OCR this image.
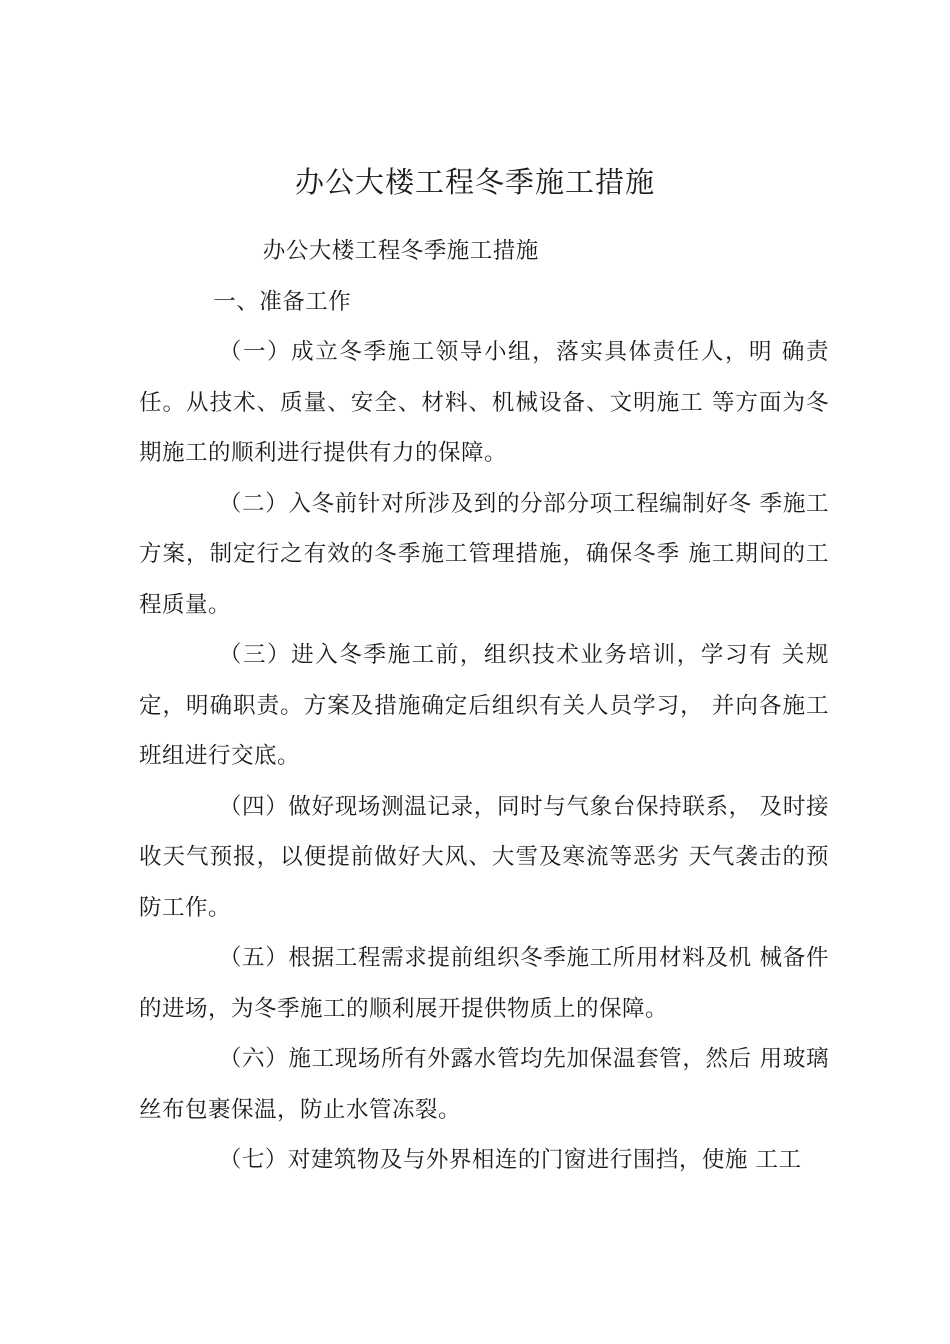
办公大楼工程冬季施工措施

办公大楼工程冬季施工措施

一、准备工作

（一）成立冬季施工领导小组，落实具体责任人，明 确责任。从技术、质量、安全、材料、机械设备、文明施工 等方面为冬期施工的顺利进行提供有力的保障。

（二）入冬前针对所涉及到的分部分项工程编制好冬 季施工方案，制定行之有效的冬季施工管理措施，确保冬季 施工期间的工程质量。

（三）进入冬季施工前，组织技术业务培训，学习有 关规定，明确职责。方案及措施确定后组织有关人员学习， 并向各施工班组进行交底。

（四）做好现场测温记录，同时与气象台保持联系， 及时接收天气预报，以便提前做好大风、大雪及寒流等恶劣 天气袭击的预防工作。

（五）根据工程需求提前组织冬季施工所用材料及机 械备件的进场，为冬季施工的顺利展开提供物质上的保障。

（六）施工现场所有外露水管均先加保温套管，然后 用玻璃丝布包裹保温，防止水管冻裂。

（七）对建筑物及与外界相连的门窗进行围挡，使施 工工
